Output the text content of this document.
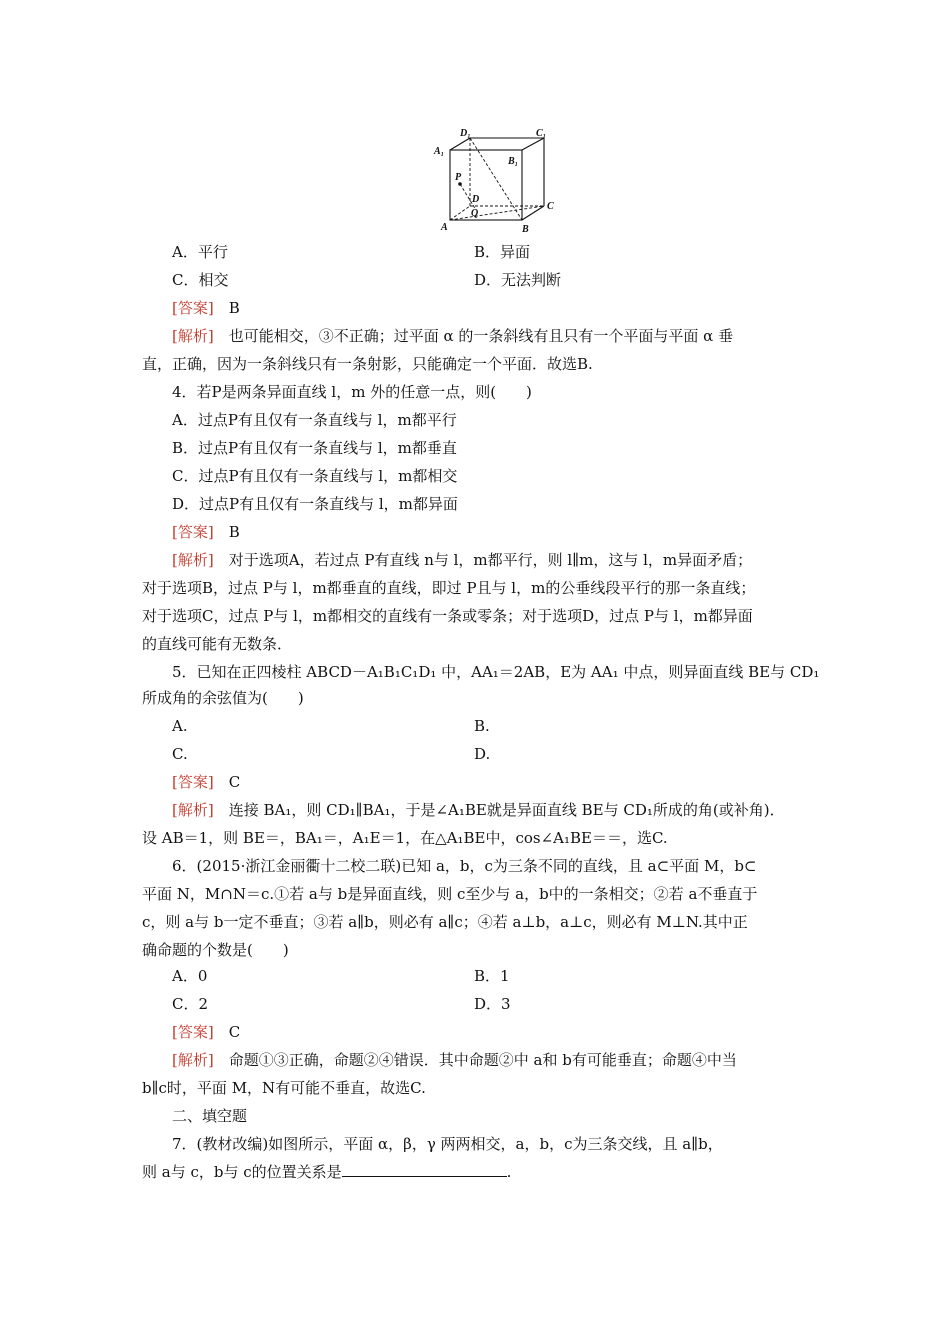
D₁	C₁
A₁
B₁
P
D
Q
C
A	B
A．平行	B．异面
C．相交	D．无法判断
[答案]　 B
[解析]　 也可能相交，③不正确；过平面 α 的一条斜线有且只有一个平面与平面 α 垂
直，正确，因为一条斜线只有一条射影，只能确定一个平面．故选B.
4．若P是两条异面直线 l，m 外的任意一点，则(　　)
A．过点P有且仅有一条直线与 l，m都平行
B．过点P有且仅有一条直线与 l，m都垂直
C．过点P有且仅有一条直线与 l，m都相交
D．过点P有且仅有一条直线与 l，m都异面
[答案]　 B
[解析]　 对于选项A，若过点 P有直线 n与 l，m都平行，则 l∥m，这与 l，m异面矛盾；
对于选项B，过点 P与 l，m都垂直的直线，即过 P且与 l，m的公垂线段平行的那一条直线；
对于选项C，过点 P与 l，m都相交的直线有一条或零条；对于选项D，过点 P与 l，m都异面
的直线可能有无数条．
5．已知在正四棱柱 ABCD－A₁B₁C₁D₁ 中，AA₁＝2AB，E为 AA₁ 中点，则异面直线 BE与 CD₁
所成角的余弦值为(　　)
A.	B.
C.	D.
[答案]　 C
[解析]　 连接 BA₁，则 CD₁∥BA₁，于是∠A₁BE就是异面直线 BE与 CD₁所成的角(或补角)．
设 AB＝1，则 BE＝，BA₁＝，A₁E＝1，在△A₁BE中，cos∠A₁BE＝＝，选C.
6．(2015·浙江金丽衢十二校二联)已知 a，b，c为三条不同的直线，且 a⊂平面 M，b⊂
平面 N，M∩N＝c.①若 a与 b是异面直线，则 c至少与 a，b中的一条相交；②若 a不垂直于
c，则 a与 b一定不垂直；③若 a∥b，则必有 a∥c；④若 a⊥b，a⊥c，则必有 M⊥N.其中正
确命题的个数是(　　)
A．0	B．1
C．2	D．3
[答案]　 C
[解析]　 命题①③正确，命题②④错误．其中命题②中 a和 b有可能垂直；命题④中当
b∥c时，平面 M，N有可能不垂直，故选C.
二、填空题
7．(教材改编)如图所示，平面 α，β，γ 两两相交，a，b，c为三条交线，且 a∥b，
则 a与 c，b与 c的位置关系是	.
